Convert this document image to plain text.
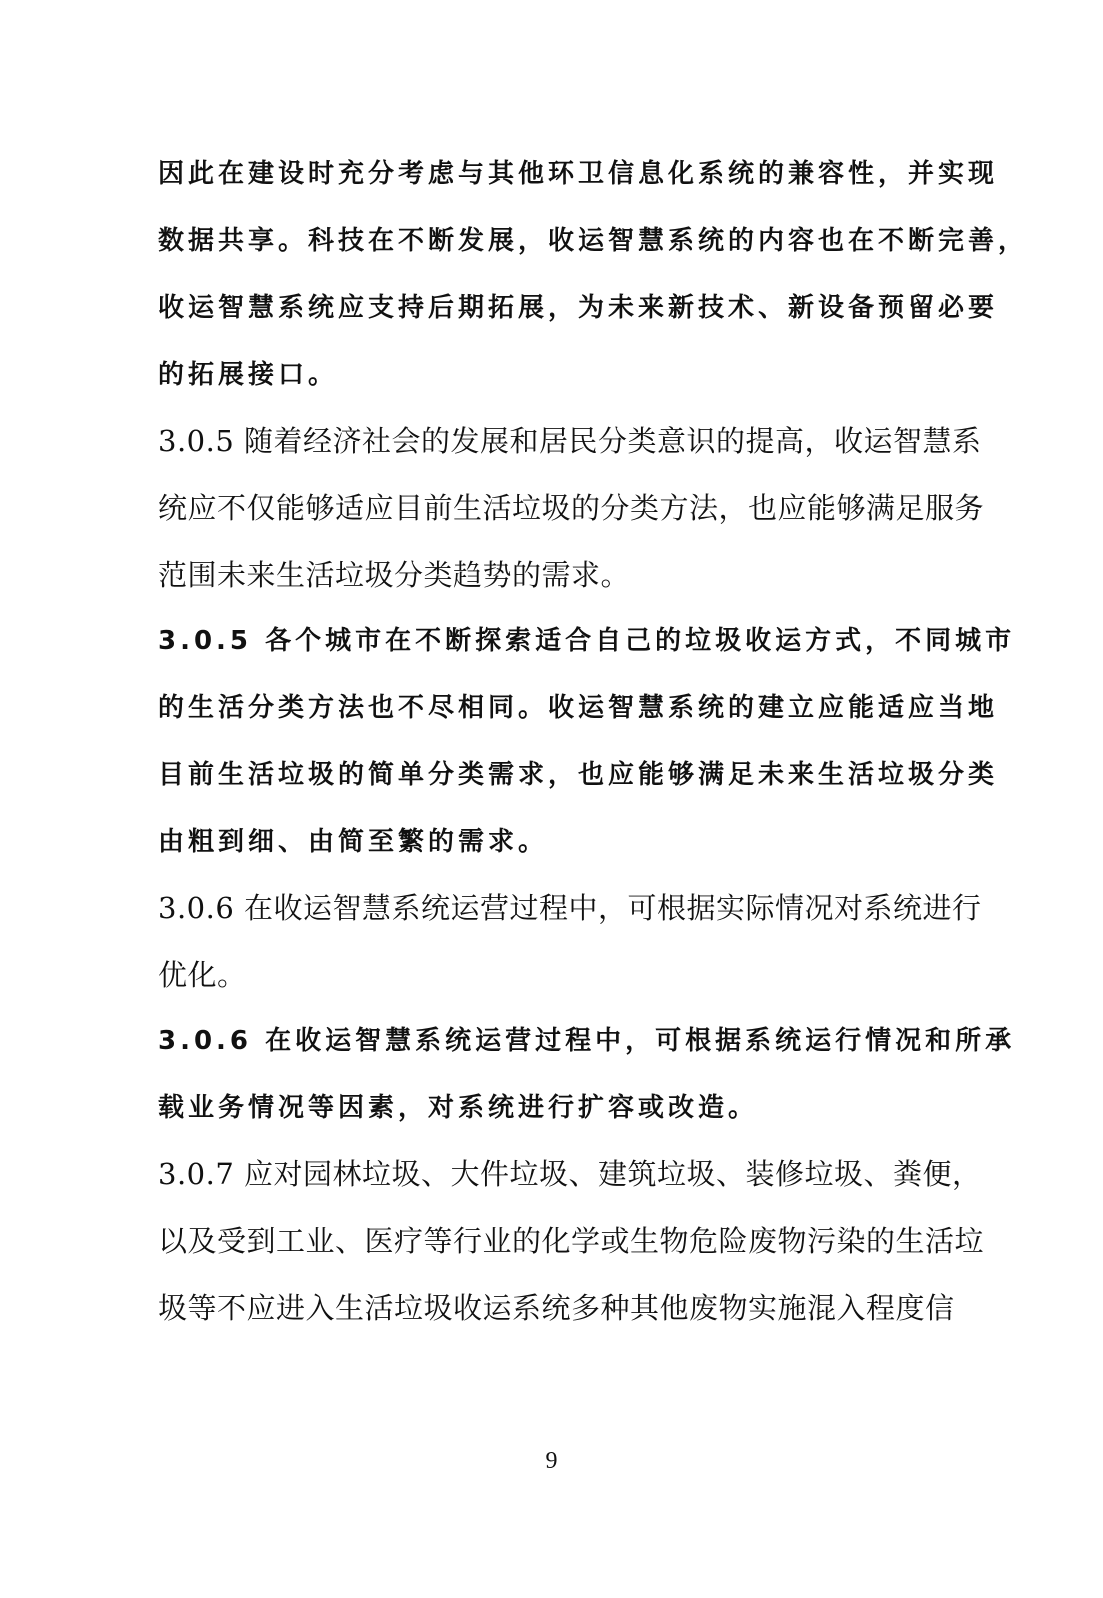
因此在建设时充分考虑与其他环卫信息化系统的兼容性，并实现
数据共享。科技在不断发展，收运智慧系统的内容也在不断完善，
收运智慧系统应支持后期拓展，为未来新技术、新设备预留必要
的拓展接口。
3.0.5 随着经济社会的发展和居民分类意识的提高，收运智慧系
统应不仅能够适应目前生活垃圾的分类方法，也应能够满足服务
范围未来生活垃圾分类趋势的需求。
3.0.5 各个城市在不断探索适合自己的垃圾收运方式，不同城市
的生活分类方法也不尽相同。收运智慧系统的建立应能适应当地
目前生活垃圾的简单分类需求，也应能够满足未来生活垃圾分类
由粗到细、由简至繁的需求。
3.0.6 在收运智慧系统运营过程中，可根据实际情况对系统进行
优化。
3.0.6 在收运智慧系统运营过程中，可根据系统运行情况和所承
载业务情况等因素，对系统进行扩容或改造。
3.0.7 应对园林垃圾、大件垃圾、建筑垃圾、装修垃圾、粪便，
以及受到工业、医疗等行业的化学或生物危险废物污染的生活垃
圾等不应进入生活垃圾收运系统多种其他废物实施混入程度信
9
